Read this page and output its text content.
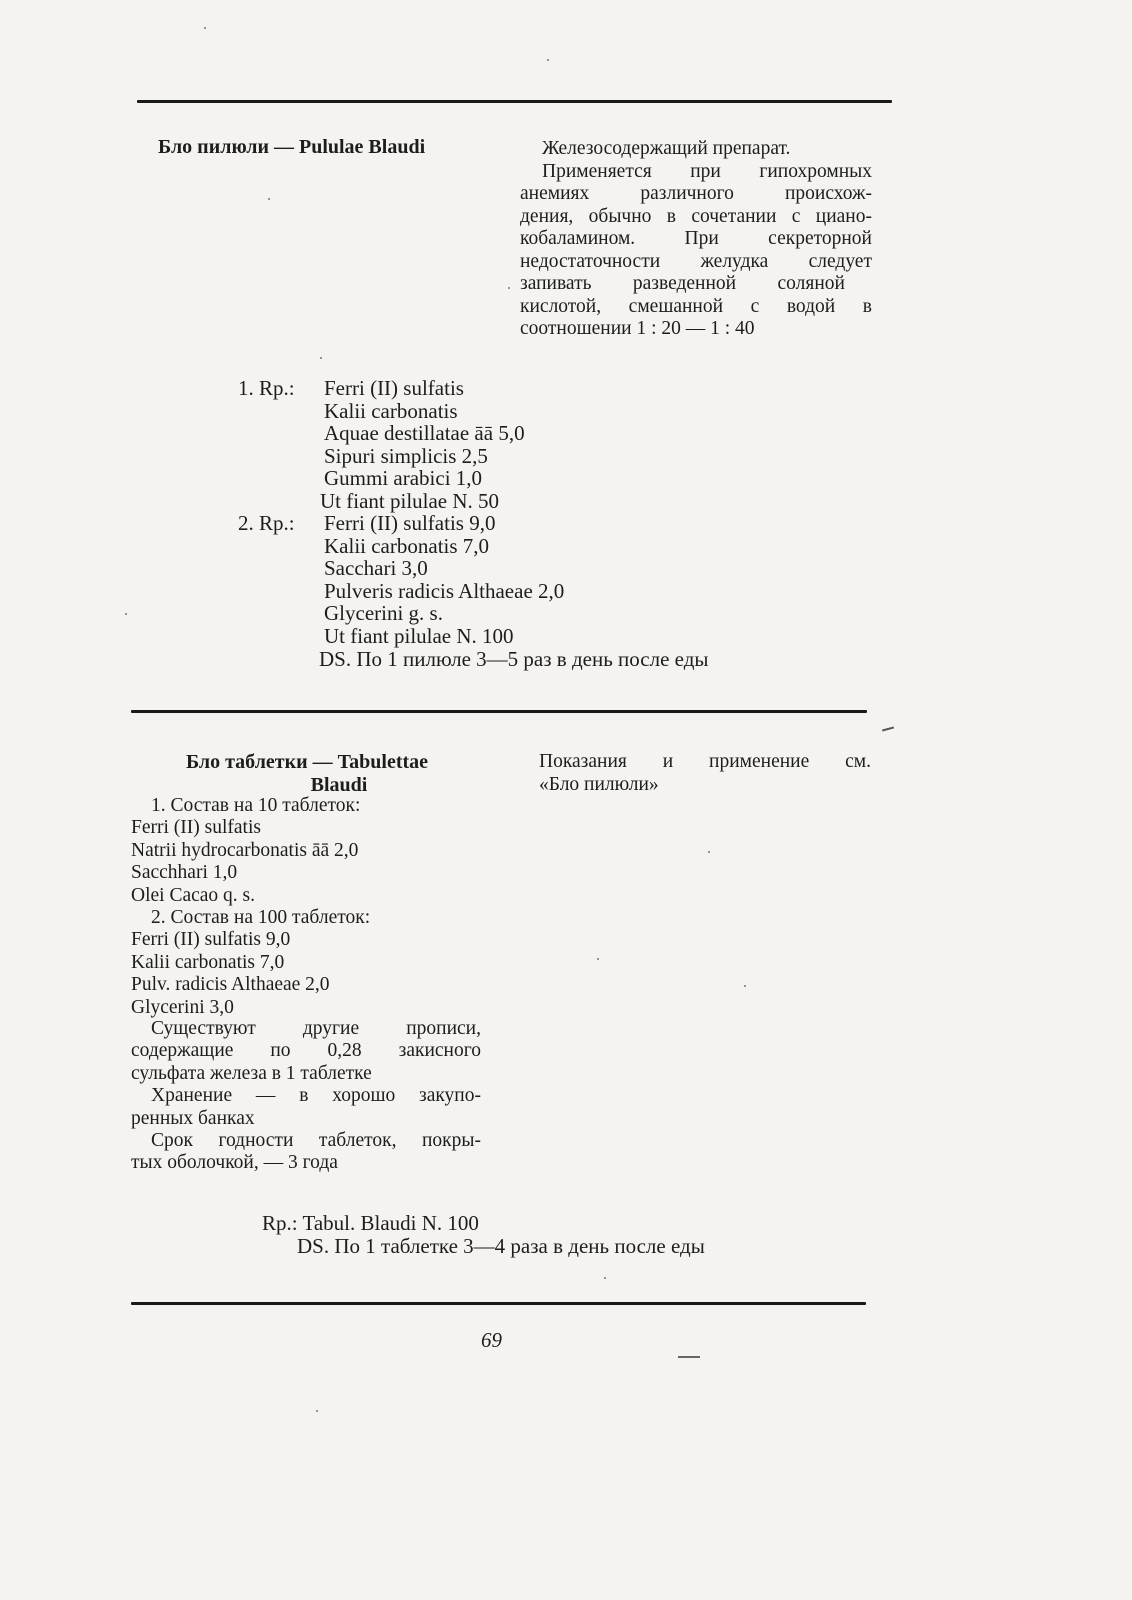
Бло пилюли — Pululae Blaudi	Железосодержащий препарат.
Применяется при гипохромных
анемиях различного происхож-
дения, обычно в сочетании с циано-
кобаламином. При секреторной
недостаточности желудка следует
запивать разведенной соляной
кислотой, смешанной с водой в
соотношении 1 : 20 — 1 : 40
1. Rp.: Ferri (II) sulfatis
Kalii carbonatis
Aquae destillatae āā 5,0
Sipuri simplicis 2,5
Gummi arabici 1,0
Ut fiant pilulae N. 50
2. Rp.: Ferri (II) sulfatis 9,0
Kalii carbonatis 7,0
Sacchari 3,0
Pulveris radicis Althaeae 2,0
Glycerini g. s.
Ut fiant pilulae N. 100
DS. По 1 пилюле 3—5 раз в день после еды
Бло таблетки — Tabulettae
Blaudi
Показания и применение см.
«Бло пилюли»
1. Состав на 10 таблеток:
Ferri (II) sulfatis
Natrii hydrocarbonatis āā 2,0
Sacchhari 1,0
Olei Cacao q. s.
2. Состав на 100 таблеток:
Ferri (II) sulfatis 9,0
Kalii carbonatis 7,0
Pulv. radicis Althaeae 2,0
Glycerini 3,0
Существуют другие прописи,
содержащие по 0,28 закисного
сульфата железа в 1 таблетке
Хранение — в хорошо закупо-
ренных банках
Срок годности таблеток, покры-
тых оболочкой, — 3 года
Rp.: Tabul. Blaudi N. 100
DS. По 1 таблетке 3—4 раза в день после еды
69
